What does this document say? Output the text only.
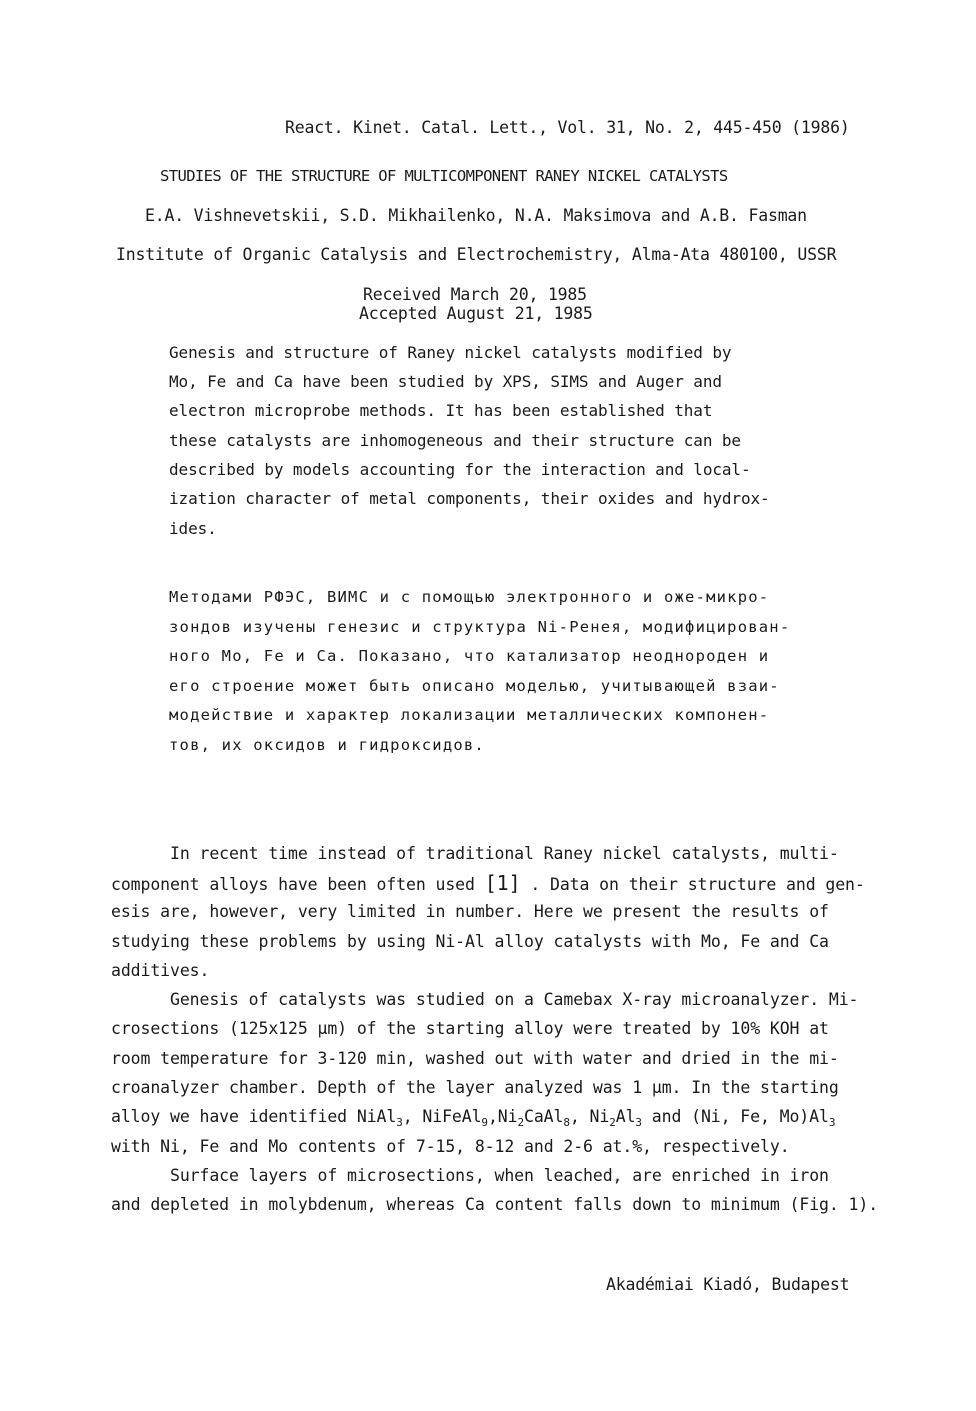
React. Kinet. Catal. Lett., Vol. 31, No. 2, 445-450 (1986)
STUDIES OF THE STRUCTURE OF MULTICOMPONENT RANEY NICKEL CATALYSTS
E.A. Vishnevetskii, S.D. Mikhailenko, N.A. Maksimova and A.B. Fasman
Institute of Organic Catalysis and Electrochemistry, Alma-Ata 480100, USSR
Received March 20, 1985
Accepted August 21, 1985
Genesis and structure of Raney nickel catalysts modified by
Mo, Fe and Ca have been studied by XPS, SIMS and Auger and
electron microprobe methods. It has been established that
these catalysts are inhomogeneous and their structure can be
described by models accounting for the interaction and local-
ization character of metal components, their oxides and hydrox-
ides.
Методами РФЭС, ВИМС и с помощью электронного и оже-микро-
зондов изучены генезис и структура Ni-Ренея, модифицирован-
ного Мо, Fe и Са. Показано, что катализатор неоднороден и
его строение может быть описано моделью, учитывающей взаи-
модействие и характер локализации металлических компонен-
тов, их оксидов и гидроксидов.
In recent time instead of traditional Raney nickel catalysts, multi-
component alloys have been often used [1] . Data on their structure and gen-
esis are, however, very limited in number. Here we present the results of
studying these problems by using Ni-Al alloy catalysts with Mo, Fe and Ca
additives.
Genesis of catalysts was studied on a Camebax X-ray microanalyzer. Mi-
crosections (125x125 μm) of the starting alloy were treated by 10% KOH at
room temperature for 3-120 min, washed out with water and dried in the mi-
croanalyzer chamber. Depth of the layer analyzed was 1 μm. In the starting
alloy we have identified NiAl$_3$, $NiFeAl_9,Ni_2CaAl_8$, $Ni_2Al_3$ and (Ni, Fe, $Mo)Al_3$
with Ni, Fe and Mo contents of 7-15, 8-12 and 2-6 at.%, respectively.
Surface layers of microsections, when leached, are enriched in iron
and depleted in molybdenum, whereas Ca content falls down to minimum (Fig. 1).
Akadémiai Kiadó, Budapest
